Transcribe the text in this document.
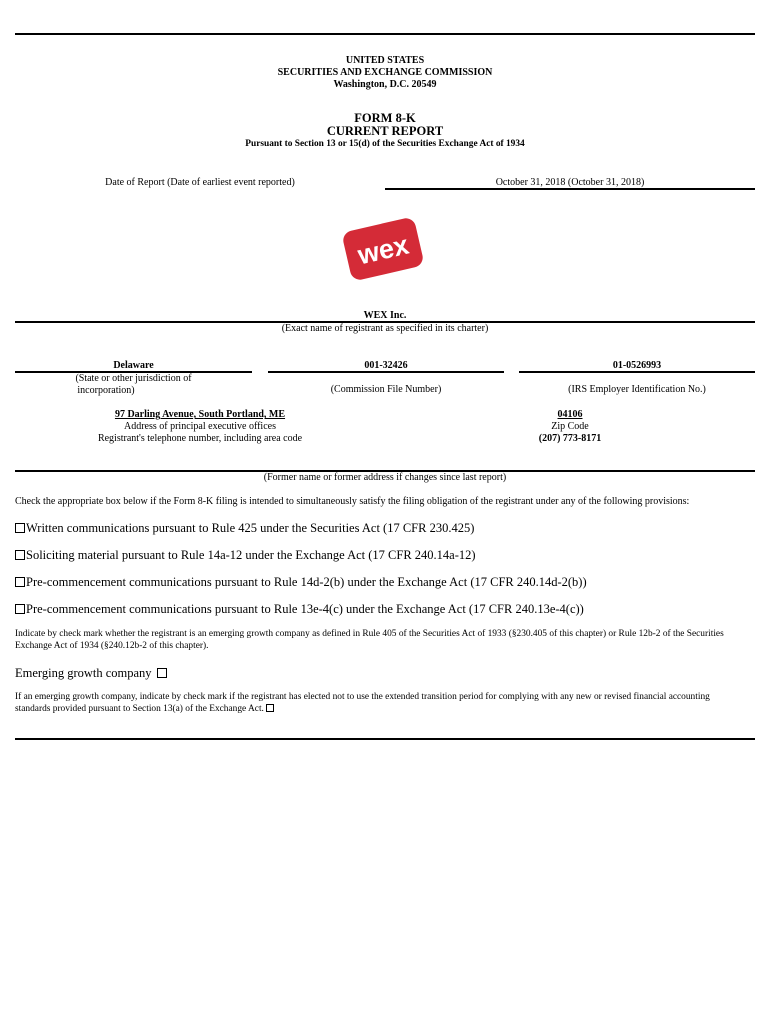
UNITED STATES
SECURITIES AND EXCHANGE COMMISSION
Washington, D.C. 20549
FORM 8-K
CURRENT REPORT
Pursuant to Section 13 or 15(d) of the Securities Exchange Act of 1934
Date of Report (Date of earliest event reported)	October 31, 2018 (October 31, 2018)
wex
WEX Inc.
(Exact name of registrant as specified in its charter)
Delaware
(State or other jurisdiction of
incorporation)
001-32426
(Commission File Number)
01-0526993
(IRS Employer Identification No.)
97 Darling Avenue, South Portland, ME
Address of principal executive offices
Registrant's telephone number, including area code
04106
Zip Code
(207) 773-8171
(Former name or former address if changes since last report)
Check the appropriate box below if the Form 8-K filing is intended to simultaneously satisfy the filing obligation of the registrant under any of the following provisions:
Written communications pursuant to Rule 425 under the Securities Act (17 CFR 230.425)
Soliciting material pursuant to Rule 14a-12 under the Exchange Act (17 CFR 240.14a-12)
Pre-commencement communications pursuant to Rule 14d-2(b) under the Exchange Act (17 CFR 240.14d-2(b))
Pre-commencement communications pursuant to Rule 13e-4(c) under the Exchange Act (17 CFR 240.13e-4(c))
Indicate by check mark whether the registrant is an emerging growth company as defined in Rule 405 of the Securities Act of 1933 (§230.405 of this chapter) or Rule 12b-2 of the Securities Exchange Act of 1934 (§240.12b-2 of this chapter).
Emerging growth company
If an emerging growth company, indicate by check mark if the registrant has elected not to use the extended transition period for complying with any new or revised financial accounting standards provided pursuant to Section 13(a) of the Exchange Act.
